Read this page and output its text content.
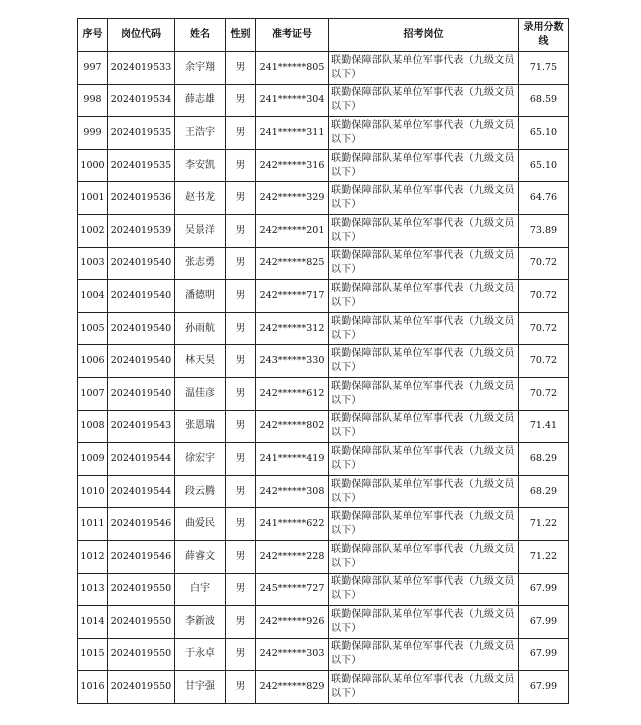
序号	岗位代码	姓名	性别	准考证号	招考岗位	录用分数线
997	2024019533	余宇翔	男	241******805	联勤保障部队某单位军事代表（九级文员以下）	71.75
998	2024019534	薛志雄	男	241******304	联勤保障部队某单位军事代表（九级文员以下）	68.59
999	2024019535	王浩宇	男	241******311	联勤保障部队某单位军事代表（九级文员以下）	65.10
1000	2024019535	李安凯	男	242******316	联勤保障部队某单位军事代表（九级文员以下）	65.10
1001	2024019536	赵书龙	男	242******329	联勤保障部队某单位军事代表（九级文员以下）	64.76
1002	2024019539	吴景洋	男	242******201	联勤保障部队某单位军事代表（九级文员以下）	73.89
1003	2024019540	张志勇	男	242******825	联勤保障部队某单位军事代表（九级文员以下）	70.72
1004	2024019540	潘德明	男	242******717	联勤保障部队某单位军事代表（九级文员以下）	70.72
1005	2024019540	孙雨航	男	242******312	联勤保障部队某单位军事代表（九级文员以下）	70.72
1006	2024019540	林天昊	男	243******330	联勤保障部队某单位军事代表（九级文员以下）	70.72
1007	2024019540	温佳彦	男	242******612	联勤保障部队某单位军事代表（九级文员以下）	70.72
1008	2024019543	张恩瑞	男	242******802	联勤保障部队某单位军事代表（九级文员以下）	71.41
1009	2024019544	徐宏宇	男	241******419	联勤保障部队某单位军事代表（九级文员以下）	68.29
1010	2024019544	段云腾	男	242******308	联勤保障部队某单位军事代表（九级文员以下）	68.29
1011	2024019546	曲爱民	男	241******622	联勤保障部队某单位军事代表（九级文员以下）	71.22
1012	2024019546	薛睿文	男	242******228	联勤保障部队某单位军事代表（九级文员以下）	71.22
1013	2024019550	白宇	男	245******727	联勤保障部队某单位军事代表（九级文员以下）	67.99
1014	2024019550	李新波	男	242******926	联勤保障部队某单位军事代表（九级文员以下）	67.99
1015	2024019550	于永卓	男	242******303	联勤保障部队某单位军事代表（九级文员以下）	67.99
1016	2024019550	甘宇强	男	242******829	联勤保障部队某单位军事代表（九级文员以下）	67.99
